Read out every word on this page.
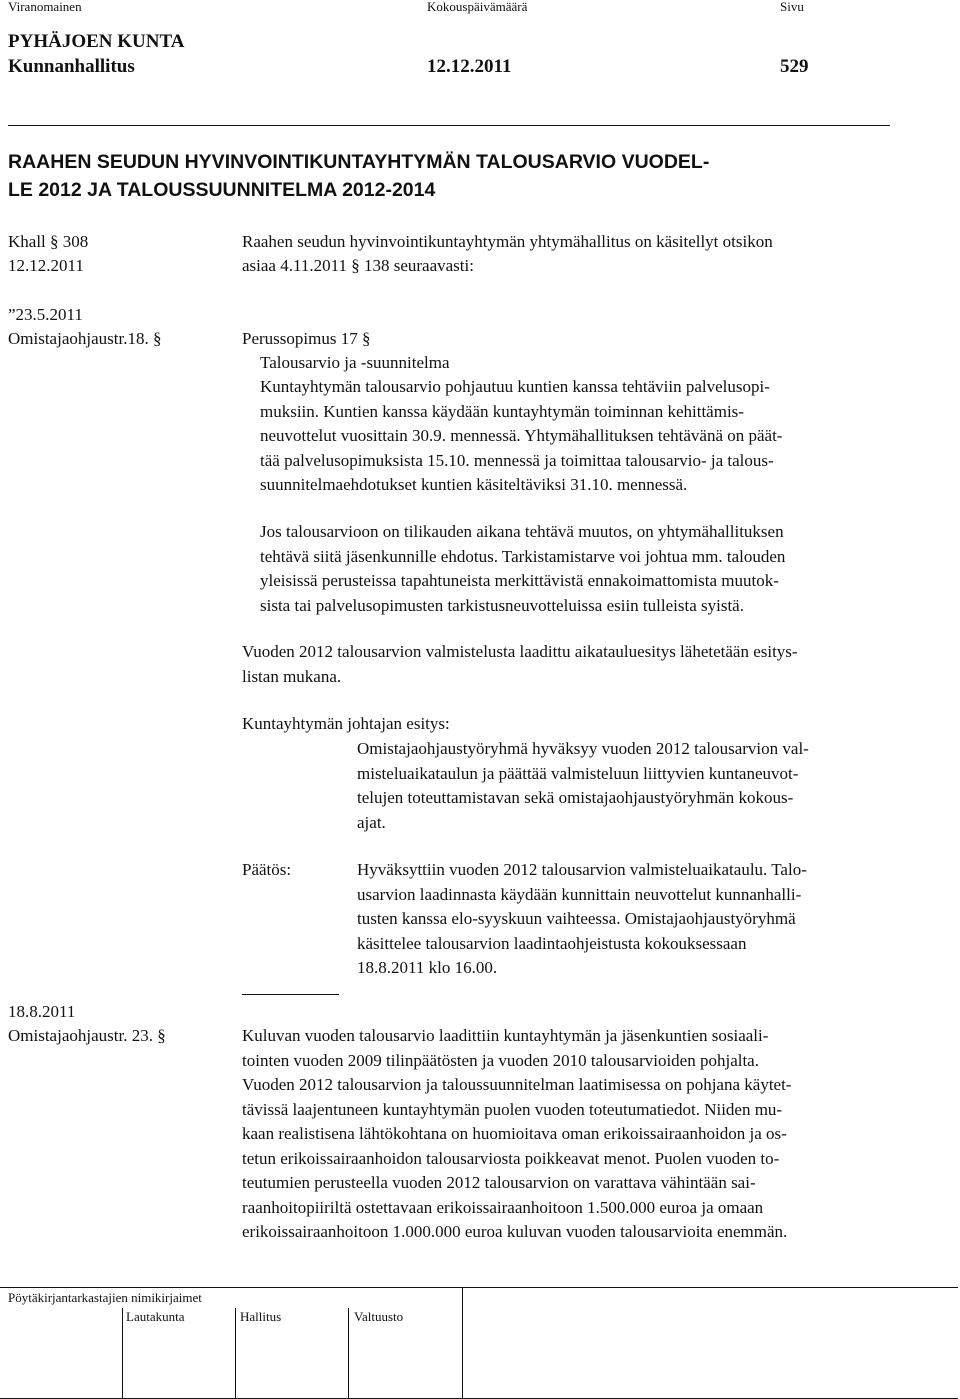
Viranomainen	Kokouspäivämäärä	Sivu
PYHÄJOEN KUNTA
Kunnanhallitus	12.12.2011	529
RAAHEN SEUDUN HYVINVOINTIKUNTAYHTYMÄN TALOUSARVIO VUODEL-
LE 2012 JA TALOUSSUUNNITELMA 2012-2014
Khall § 308
12.12.2011
Raahen seudun hyvinvointikuntayhtymän yhtymähallitus on käsitellyt otsikon
asiaa 4.11.2011 § 138 seuraavasti:
”23.5.2011
Omistajaohjaustr.18. §	Perussopimus 17 §
Talousarvio ja -suunnitelma
Kuntayhtymän talousarvio pohjautuu kuntien kanssa tehtäviin palvelusopi-
muksiin. Kuntien kanssa käydään kuntayhtymän toiminnan kehittämis-
neuvottelut vuosittain 30.9. mennessä. Yhtymähallituksen tehtävänä on päät-
tää palvelusopimuksista 15.10. mennessä ja toimittaa talousarvio- ja talous-
suunnitelmaehdotukset kuntien käsiteltäviksi 31.10. mennessä.
Jos talousarvioon on tilikauden aikana tehtävä muutos, on yhtymähallituksen
tehtävä siitä jäsenkunnille ehdotus. Tarkistamistarve voi johtua mm. talouden
yleisissä perusteissa tapahtuneista merkittävistä ennakoimattomista muutok-
sista tai palvelusopimusten tarkistusneuvotteluissa esiin tulleista syistä.
Vuoden 2012 talousarvion valmistelusta laadittu aikatauluesitys lähetetään esitys-
listan mukana.
Kuntayhtymän johtajan esitys:
Omistajaohjaustyöryhmä hyväksyy vuoden 2012 talousarvion val-
misteluaikataulun ja päättää valmisteluun liittyvien kuntaneuvot-
telujen toteuttamistavan sekä omistajaohjaustyöryhmän kokous-
ajat.
Päätös:	Hyväksyttiin vuoden 2012 talousarvion valmisteluaikataulu. Talo-
usarvion laadinnasta käydään kunnittain neuvottelut kunnanhalli-
tusten kanssa elo-syyskuun vaihteessa. Omistajaohjaustyöryhmä
käsittelee talousarvion laadintaohjeistusta kokouksessaan
18.8.2011 klo 16.00.
18.8.2011
Omistajaohjaustr. 23. §	Kuluvan vuoden talousarvio laadittiin kuntayhtymän ja jäsenkuntien sosiaali-
tointen vuoden 2009 tilinpäätösten ja vuoden 2010 talousarvioiden pohjalta.
Vuoden 2012 talousarvion ja taloussuunnitelman laatimisessa on pohjana käytet-
tävissä laajentuneen kuntayhtymän puolen vuoden toteutumatiedot. Niiden mu-
kaan realistisena lähtökohtana on huomioitava oman erikoissairaanhoidon ja os-
tetun erikoissairaanhoidon talousarviosta poikkeavat menot. Puolen vuoden to-
teutumien perusteella vuoden 2012 talousarvion on varattava vähintään sai-
raanhoitopiiriltä ostettavaan erikoissairaanhoitoon 1.500.000 euroa ja omaan
erikoissairaanhoitoon 1.000.000 euroa kuluvan vuoden talousarvioita enemmän.
Pöytäkirjantarkastajien nimikirjaimet
Lautakunta	Hallitus	Valtuusto
